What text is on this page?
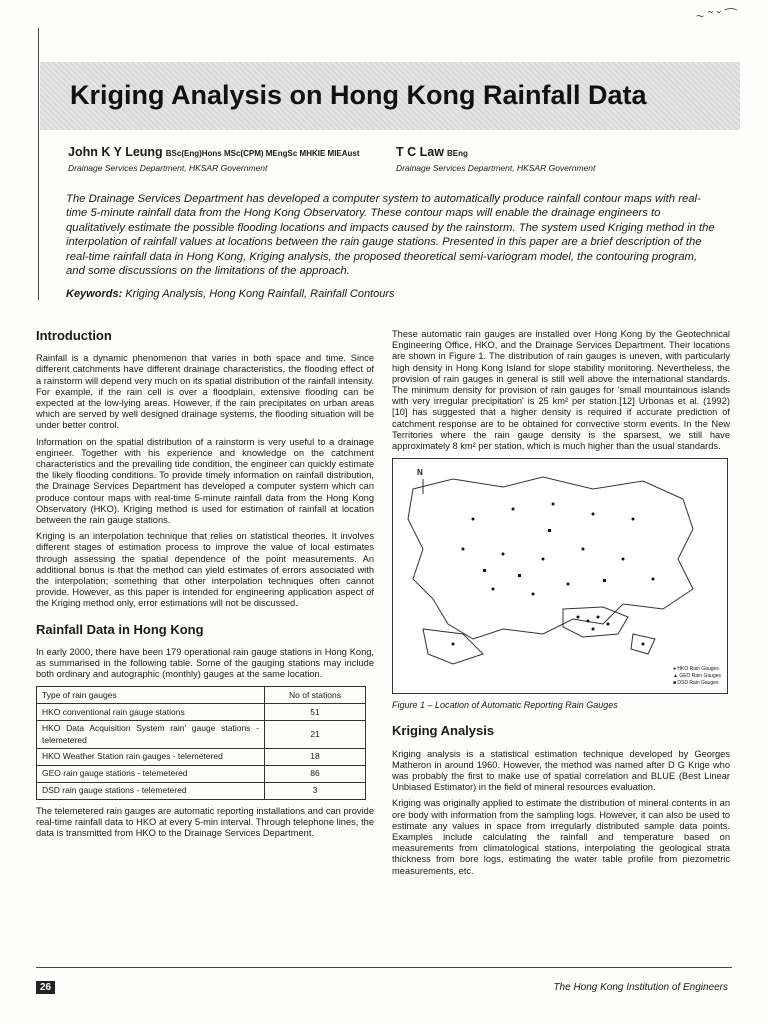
~ ˜ ˇ ⁀
Kriging Analysis on Hong Kong Rainfall Data
John K Y Leung BSc(Eng)Hons MSc(CPM) MEngSc MHKIE MIEAust
Drainage Services Department, HKSAR Government
T C Law BEng
Drainage Services Department, HKSAR Government

The Drainage Services Department has developed a computer system to automatically produce rainfall contour maps with real-time 5-minute rainfall data from the Hong Kong Observatory. These contour maps will enable the drainage engineers to qualitatively estimate the possible flooding locations and impacts caused by the rainstorm. The system used Kriging method in the interpolation of rainfall values at locations between the rain gauge stations. Presented in this paper are a brief description of the real-time rainfall data in Hong Kong, Kriging analysis, the proposed theoretical semi-variogram model, the contouring program, and some discussions on the limitations of the approach.

Keywords: Kriging Analysis, Hong Kong Rainfall, Rainfall Contours
Introduction

Rainfall is a dynamic phenomenon that varies in both space and time. Since different catchments have different drainage characteristics, the flooding effect of a rainstorm will depend very much on its spatial distribution of the rainfall intensity. For example, if the rain cell is over a floodplain, extensive flooding can be expected at the low-lying areas. However, if the rain precipitates on urban areas which are served by well designed drainage systems, the flooding situation will be under better control.

Information on the spatial distribution of a rainstorm is very useful to a drainage engineer. Together with his experience and knowledge on the catchment characteristics and the prevailing tide condition, the engineer can quickly estimate the likely flooding conditions. To provide timely information on rainfall distribution, the Drainage Services Department has developed a computer system which can produce contour maps with real-time 5-minute rainfall data from the Hong Kong Observatory (HKO). Kriging method is used for estimation of rainfall at location between the rain gauge stations.

Kriging is an interpolation technique that relies on statistical theories. It involves different stages of estimation process to improve the value of local estimates through assessing the spatial dependence of the point measurements. An additional bonus is that the method can yield estimates of errors associated with the interpolation; something that other interpolation techniques often cannot provide. However, as this paper is intended for engineering application aspect of the Kriging method only, error estimations will not be discussed.

Rainfall Data in Hong Kong

In early 2000, there have been 179 operational rain gauge stations in Hong Kong, as summarised in the following table. Some of the gauging stations may include both ordinary and autographic (monthly) gauges at the same location.

Type of rain gauges	No of stations
HKO conventional rain gauge stations	51
HKO Data Acquisition System rain′ gauge stations - telemetered	21
HKO Weather Station rain gauges - telemetered	18
GEO rain gauge stations - telemetered	86
DSD rain gauge stations - telemetered	3

The telemetered rain gauges are automatic reporting installations and can provide real-time rainfall data to HKO at every 5-min interval. Through telephone lines, the data is transmitted from HKO to the Drainage Services Department.

These automatic rain gauges are installed over Hong Kong by the Geotechnical Engineering Office, HKO, and the Drainage Services Department. Their locations are shown in Figure 1. The distribution of rain gauges is uneven, with particularly high density in Hong Kong Island for slope stability monitoring. Nevertheless, the provision of rain gauges in general is still well above the international standards. The minimum density for provision of rain gauges for 'small mountainous islands with very irregular precipitation' is 25 km² per station.[12] Urbonas et al. (1992) [10] has suggested that a higher density is required if accurate prediction of catchment response are to be obtained for convective storm events. In the New Territories where the rain gauge density is the sparsest, we still have approximately 8 km² per station, which is much higher than the usual standards.

N
● HKO Rain Gauges
▲ GEO Rain Gauges
■ DSD Rain Gauges
Figure 1 – Location of Automatic Reporting Rain Gauges
Kriging Analysis

Kriging analysis is a statistical estimation technique developed by Georges Matheron in around 1960. However, the method was named after D G Krige who was probably the first to make use of spatial correlation and BLUE (Best Linear Unbiased Estimator) in the field of mineral resources evaluation.

Kriging was originally applied to estimate the distribution of mineral contents in an ore body with information from the sampling logs. However, it can also be used to estimate any values in space from irregularly distributed sample data points. Examples include calculating the rainfall and temperature based on measurements from climatological stations, interpolating the geological strata thickness from bore logs, estimating the water table profile from piezometric measurements, etc.

26	The Hong Kong Institution of Engineers
